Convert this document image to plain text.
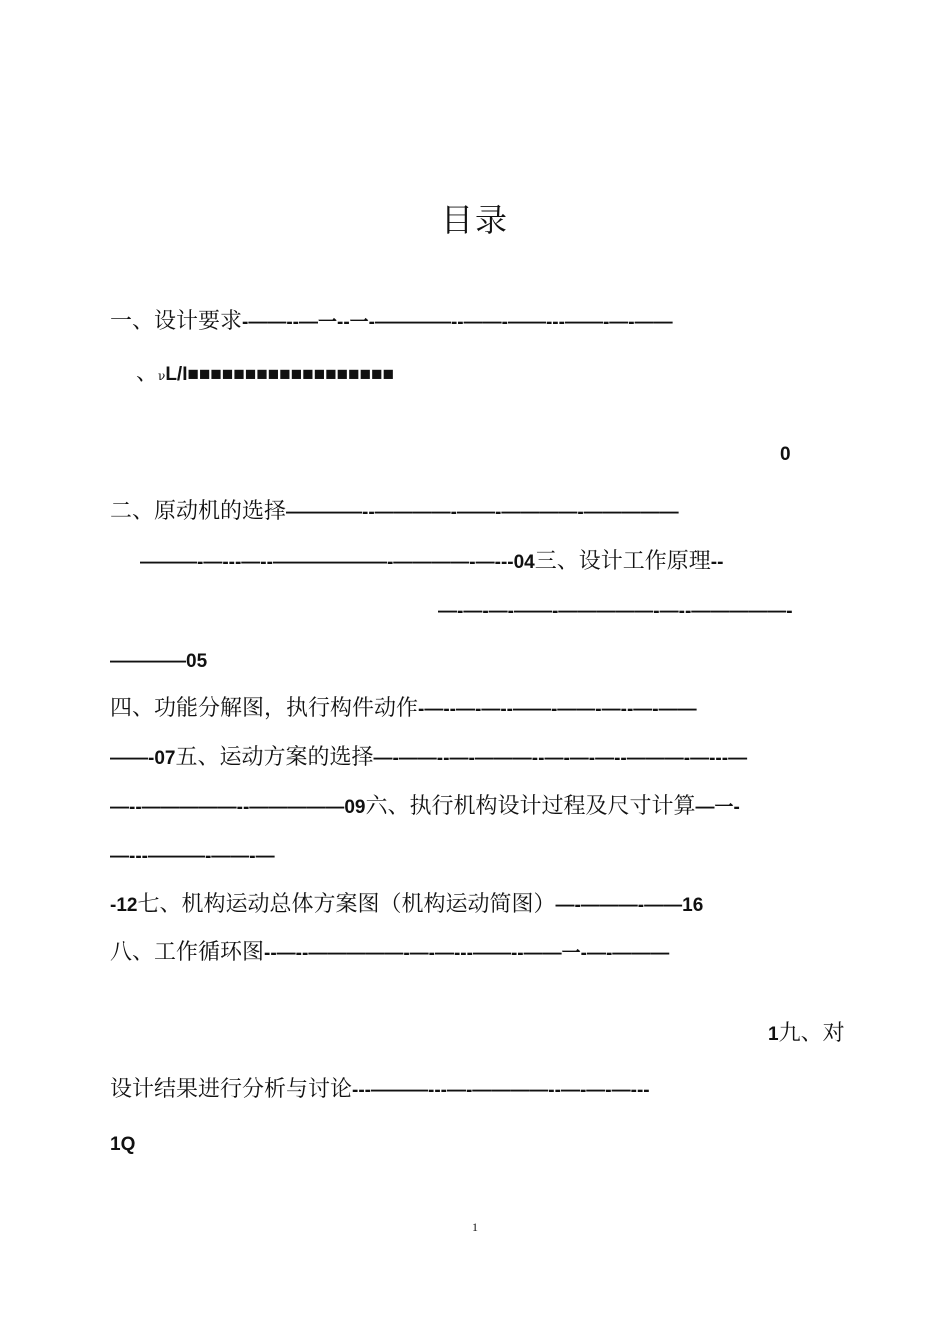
目录
一、设计要求-——--—一--一-————--——-——---——-—-——
、νL/I■■■■■■■■■■■■■■■■■■
0
二、原动机的选择————--————-——-————-—————
———-—---—--——————-————-—---04三、设计工作原理--
—-—-—-——-—————-—--—————-
————05
四、功能分解图，执行构件动作-—--—-—--——-——-—--—-——
——-07五、运动方案的选择—-——--—-———--—-—-—--———-—---—
—--—————--—————09六、执行机构设计过程及尺寸计算—一-
—---———-——-—
-12七、机构运动总体方案图（机构运动简图）—-———-——16
八、工作循环图--—--—————-—-—---——--——一-—-———
1九、对
设计结果进行分析与讨论---———---—-————--—-—-—---
1Q
1
